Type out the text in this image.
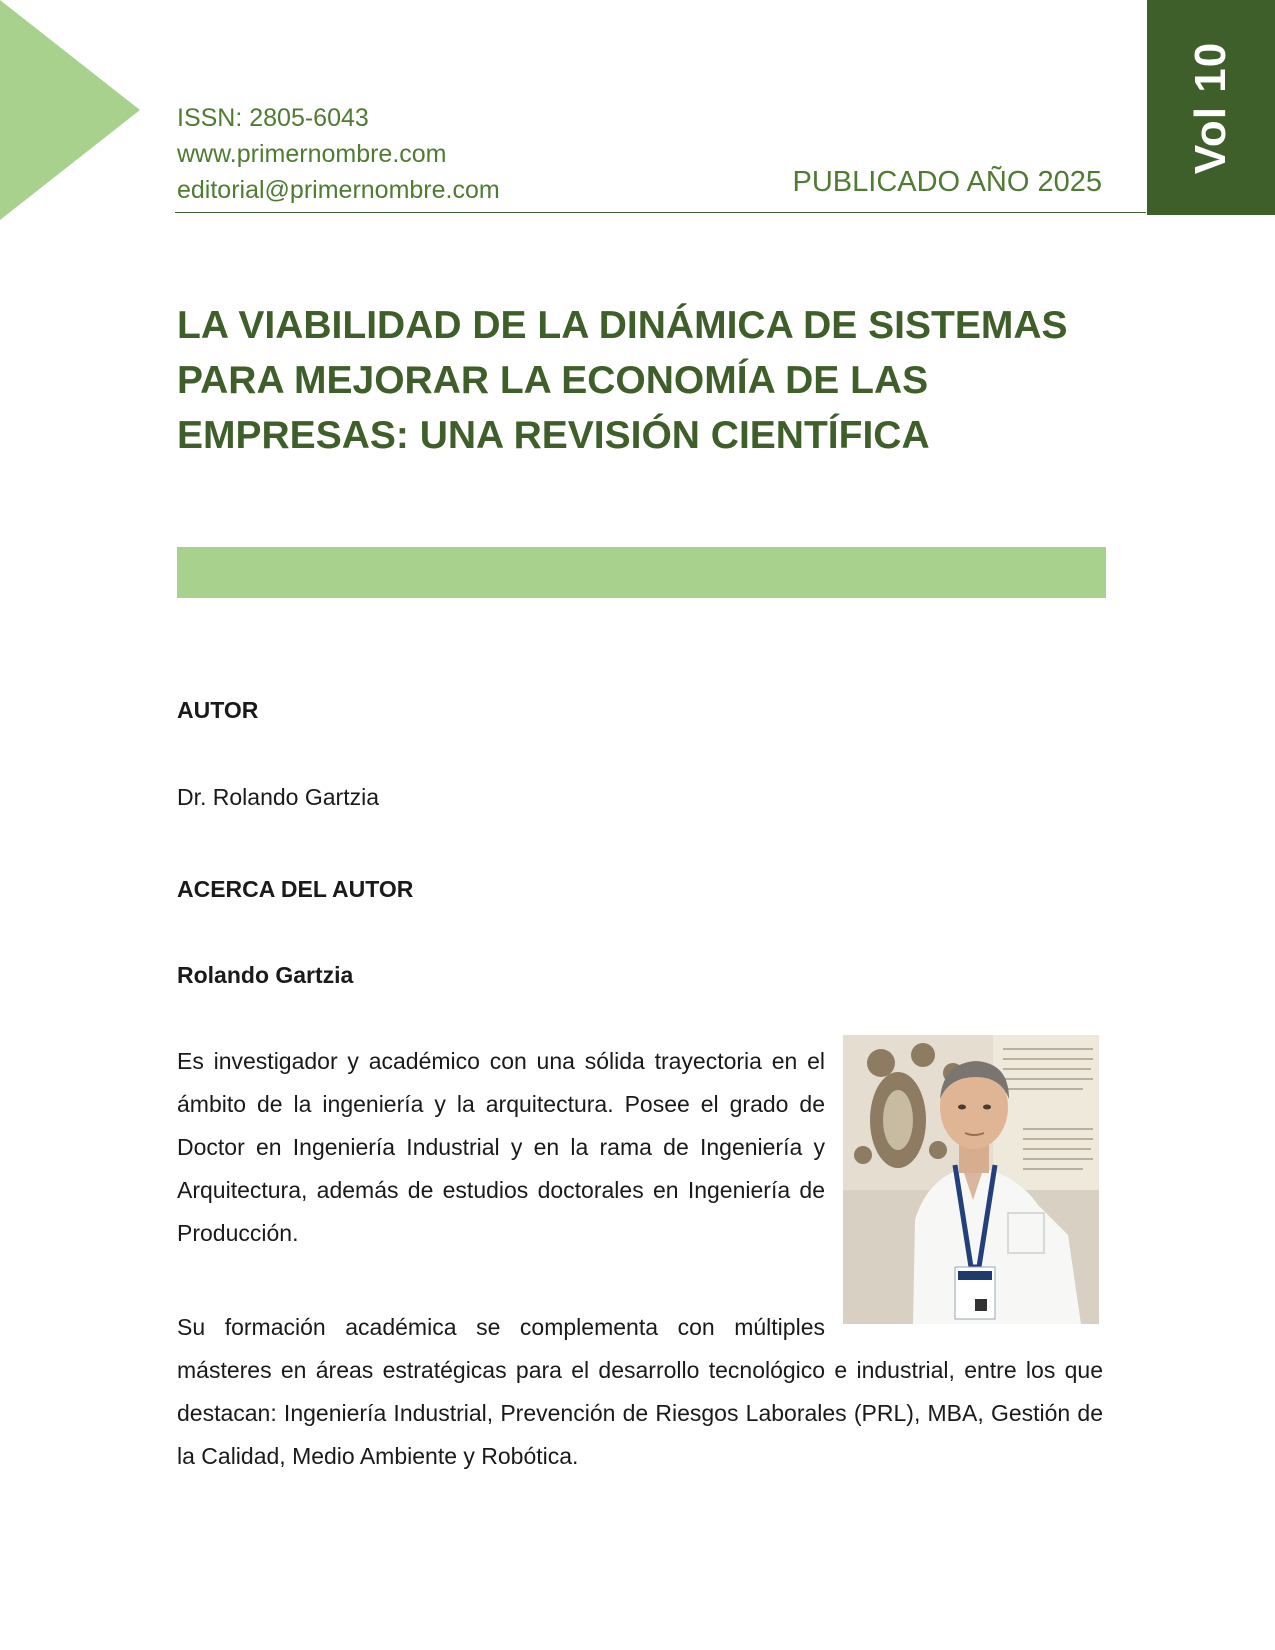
Vol 10
ISSN: 2805-6043
www.primernombre.com
editorial@primernombre.com	PUBLICADO AÑO 2025
LA VIABILIDAD DE LA DINÁMICA DE SISTEMAS PARA MEJORAR LA ECONOMÍA DE LAS EMPRESAS: UNA REVISIÓN CIENTÍFICA
AUTOR

Dr. Rolando Gartzia

ACERCA DEL AUTOR
Rolando Gartzia

Es investigador y académico con una sólida trayectoria en el ámbito de la ingeniería y la arquitectura. Posee el grado de Doctor en Ingeniería Industrial y en la rama de Ingeniería y Arquitectura, además de estudios doctorales en Ingeniería de Producción.

Su formación académica se complementa con múltiples másteres en áreas estratégicas para el desarrollo tecnológico e industrial, entre los que destacan: Ingeniería Industrial, Prevención de Riesgos Laborales (PRL), MBA, Gestión de la Calidad, Medio Ambiente y Robótica.
